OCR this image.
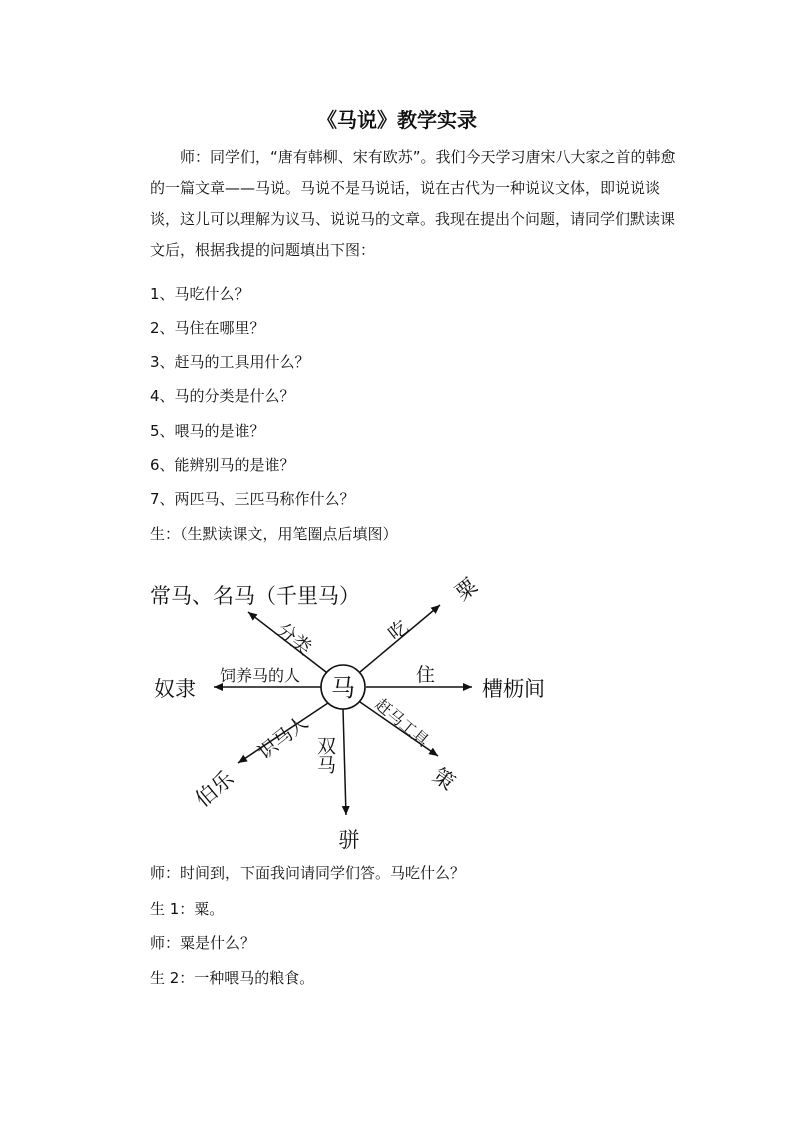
《马说》教学实录

师：同学们，“唐有韩柳、宋有欧苏”。我们今天学习唐宋八大家之首的韩愈的一篇文章——马说。马说不是马说话，说在古代为一种说议文体，即说说谈谈，这儿可以理解为议马、说说马的文章。我现在提出个问题，请同学们默读课文后，根据我提的问题填出下图：

1、马吃什么？
2、马住在哪里？
3、赶马的工具用什么？
4、马的分类是什么？
5、喂马的是谁？
6、能辨别马的是谁？
7、两匹马、三匹马称作什么？
生：（生默读课文，用笔圈点后填图）
马
常马、名马（千里马）	粟
槽枥间
策
骈
伯乐
奴隶
分类	吃
住
赶马工具
双马
识马人
饲养马的人
师：时间到，下面我问请同学们答。马吃什么？
生 1：粟。
师：粟是什么？
生 2：一种喂马的粮食。
